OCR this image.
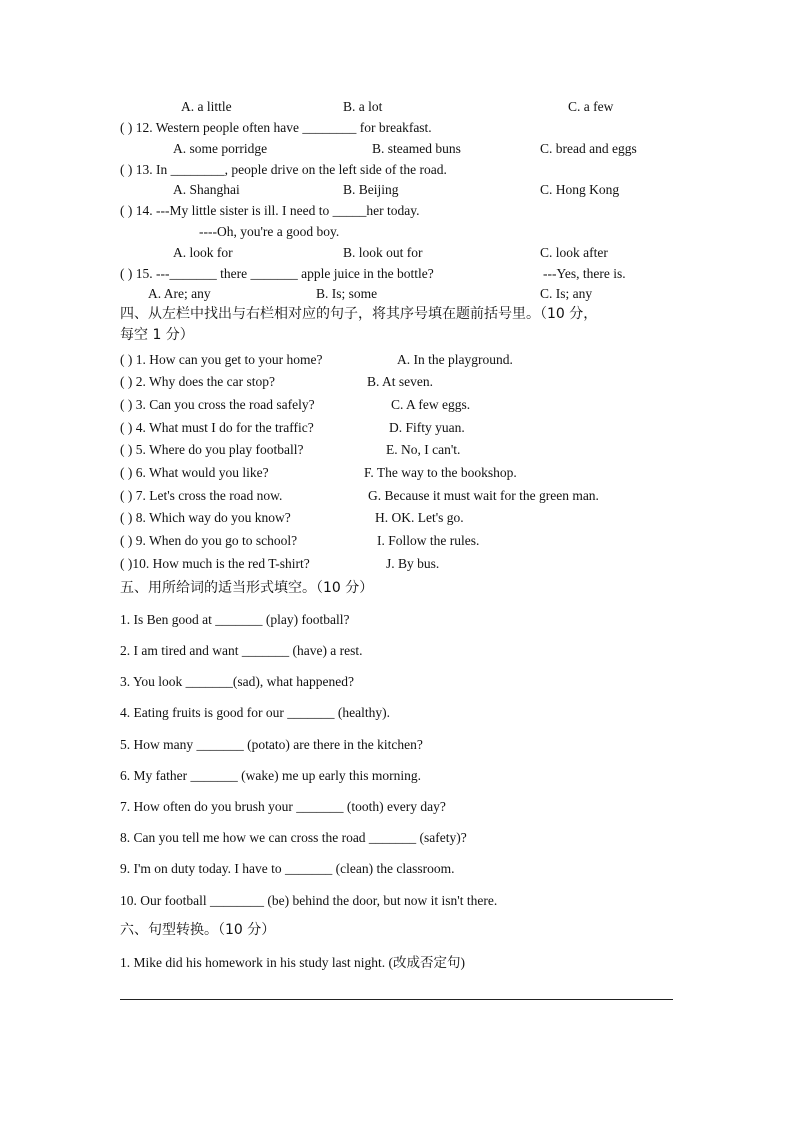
A. a little	B. a lot	C. a few
( ) 12. Western people often have ________ for breakfast.
A. some porridge	B. steamed buns	C. bread and eggs
( ) 13. In ________, people drive on the left side of the road.
A. Shanghai	B. Beijing	C. Hong Kong
( ) 14. ---My little sister is ill. I need to _____her today.
----Oh, you're a good boy.
A. look for	B. look out for	C. look after
( ) 15. ---_______ there _______ apple juice in the bottle?	---Yes, there is.
A. Are; any	B. Is; some	C. Is; any
四、从左栏中找出与右栏相对应的句子，将其序号填在题前括号里。（10 分，
每空 1 分）
( ) 1. How can you get to your home?	A. In the playground.
( ) 2. Why does the car stop?	B. At seven.
( ) 3. Can you cross the road safely?	C. A few eggs.
( ) 4. What must I do for the traffic?	D. Fifty yuan.
( ) 5. Where do you play football?	E. No, I can't.
( ) 6. What would you like?	F. The way to the bookshop.
( ) 7. Let's cross the road now.	G. Because it must wait for the green man.
( ) 8. Which way do you know?	H. OK. Let's go.
( ) 9. When do you go to school?	I. Follow the rules.
( )10. How much is the red T-shirt?	J. By bus.
五、用所给词的适当形式填空。（10 分）
1. Is Ben good at _______ (play) football?
2. I am tired and want _______ (have) a rest.
3. You look _______(sad), what happened?
4. Eating fruits is good for our _______ (healthy).
5. How many _______ (potato) are there in the kitchen?
6. My father _______ (wake) me up early this morning.
7. How often do you brush your _______ (tooth) every day?
8. Can you tell me how we can cross the road _______ (safety)?
9. I'm on duty today. I have to _______ (clean) the classroom.
10. Our football ________ (be) behind the door, but now it isn't there.
六、句型转换。（10 分）
1. Mike did his homework in his study last night. (改成否定句)
